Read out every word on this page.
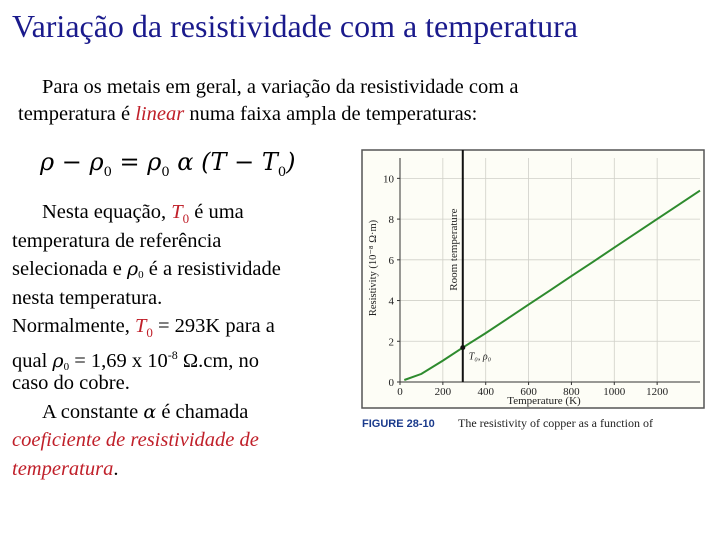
Variação da resistividade com a temperatura
Para os metais em geral, a variação da resistividade com a
temperatura é linear numa faixa ampla de temperaturas:
$\rho - \rho_0 = \rho_0$ α $(T - T_0)$
Nesta equação, $T_0$ é uma
temperatura de referência
selecionada e ρ0 é a resistividade
nesta temperatura.
Normalmente, $T_0 = 293K$ para a
qual ρ0 = 1,69 x $10^{-8}$ Ω.cm, no
caso do cobre.
A constante α é chamada
coeficiente de resistividade de
temperatura.
FIGURE 28-10 The resistivity of copper as a function of
Resistivity (10⁻⁸ Ω·m)
Temperature (K)
0	200 400 600 800 1000 1200
0
2
4
6
8
10
Room temperature
T₀, ρ₀
